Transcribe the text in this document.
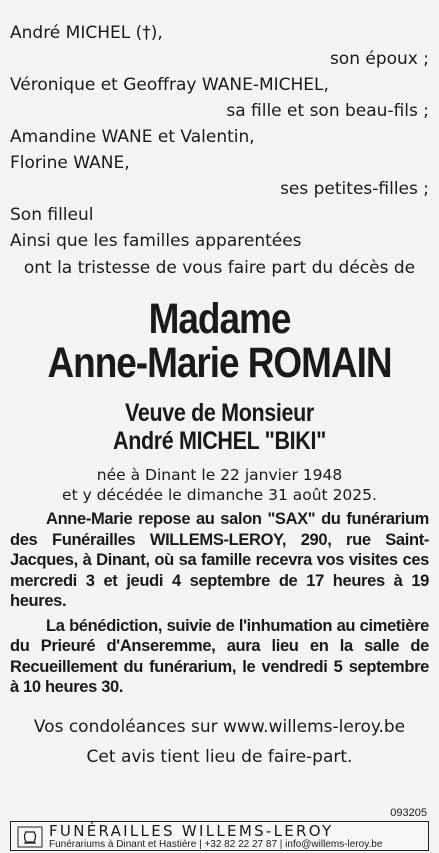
André MICHEL (†),
son époux ;
Véronique et Geoffray WANE-MICHEL,
sa fille et son beau-fils ;
Amandine WANE et Valentin,
Florine WANE,
ses petites-filles ;
Son filleul
Ainsi que les familles apparentées
ont la tristesse de vous faire part du décès de
Madame
Anne-Marie ROMAIN
Veuve de Monsieur
André MICHEL "BIKI"
née à Dinant le 22 janvier 1948
et y décédée le dimanche 31 août 2025.

Anne-Marie repose au salon "SAX" du funérarium des Funérailles WILLEMS-LEROY, 290, rue Saint-Jacques, à Dinant, où sa famille recevra vos visites ces mercredi 3 et jeudi 4 septembre de 17 heures à 19 heures.

La bénédiction, suivie de l'inhumation au cimetière du Prieuré d'Anseremme, aura lieu en la salle de Recueillement du funérarium, le vendredi 5 septembre à 10 heures 30.

Vos condoléances sur www.willems-leroy.be
Cet avis tient lieu de faire-part.
093205
FUNÉRAILLES WILLEMS-LEROY
Funérariums à Dinant et Hastière | +32 82 22 27 87 | info@willems-leroy.be
